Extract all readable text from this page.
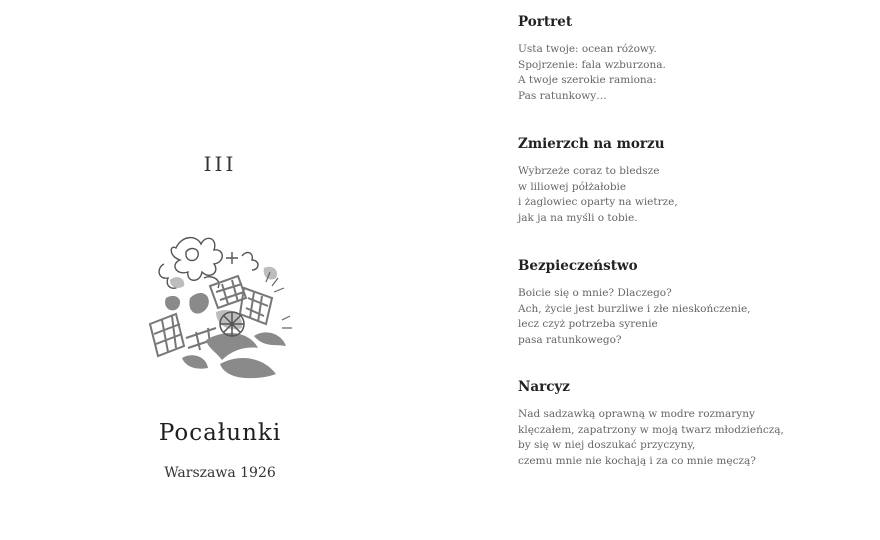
III
Pocałunki
Warszawa 1926
Portret
Usta twoje: ocean różowy.
Spojrzenie: fala wzburzona.
A twoje szerokie ramiona:
Pas ratunkowy…
Zmierzch na morzu
Wybrzeże coraz to bledsze
w liliowej półżałobie
i żaglowiec oparty na wietrze,
jak ja na myśli o tobie.
Bezpieczeństwo
Boicie się o mnie? Dlaczego?
Ach, życie jest burzliwe i złe nieskończenie,
lecz czyż potrzeba syrenie
pasa ratunkowego?
Narcyz
Nad sadzawką oprawną w modre rozmaryny
klęczałem, zapatrzony w moją twarz młodzieńczą,
by się w niej doszukać przyczyny,
czemu mnie nie kochają i za co mnie męczą?
